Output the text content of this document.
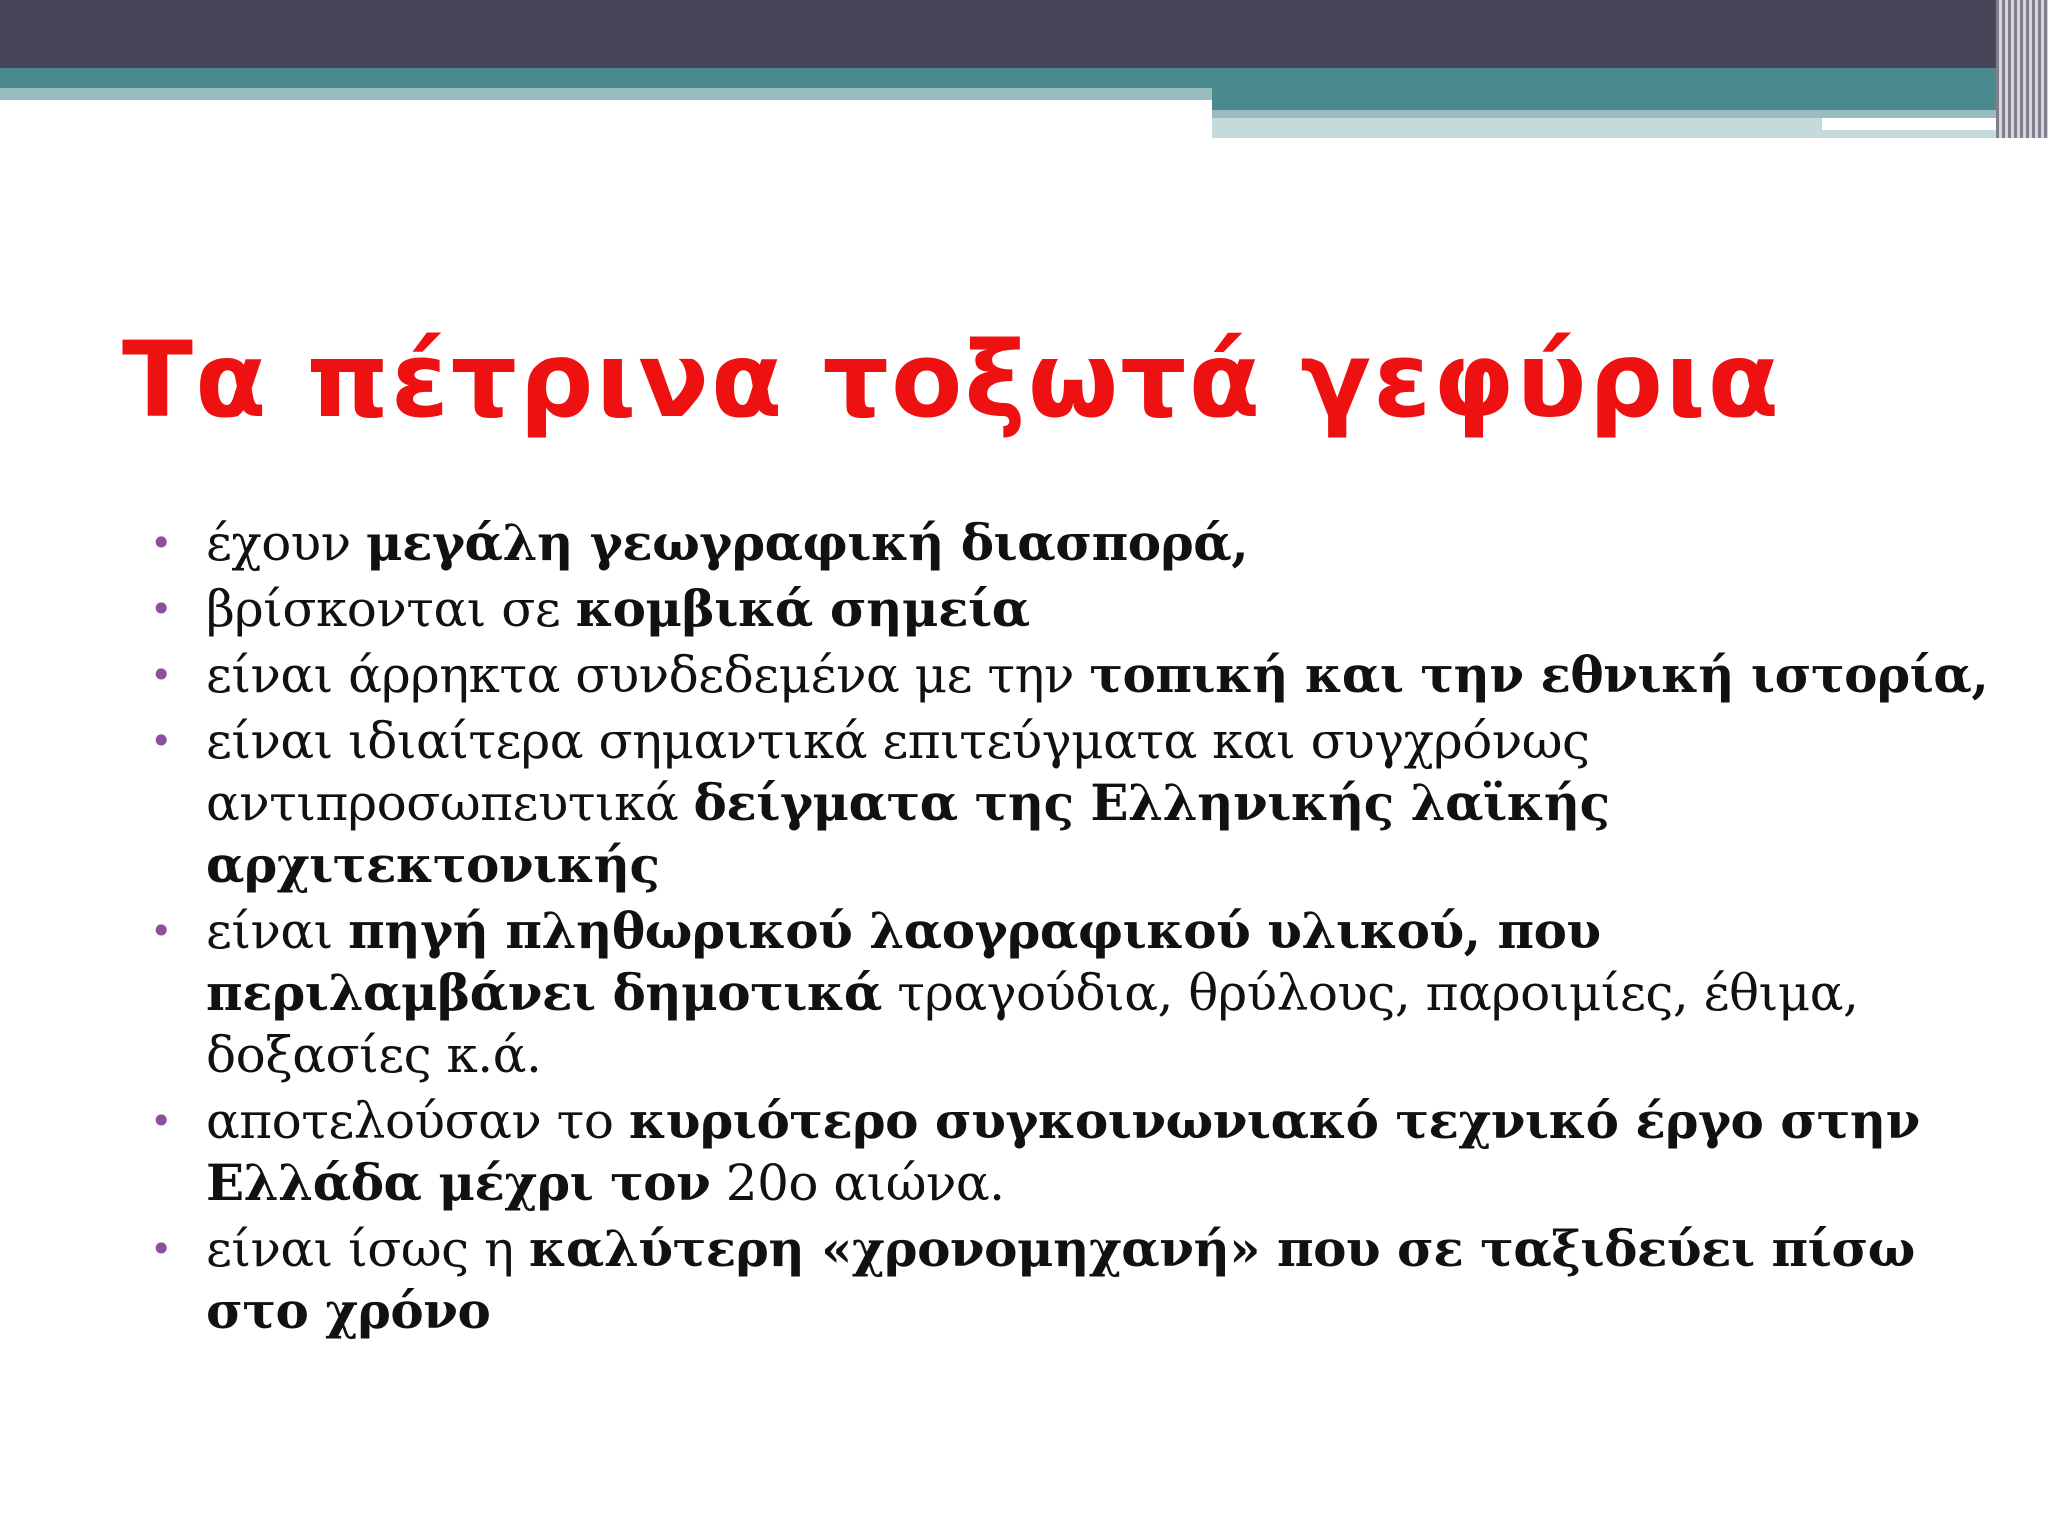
Τα πέτρινα τοξωτά γεφύρια
• έχουν μεγάλη γεωγραφική διασπορά,
• βρίσκονται σε κομβικά σημεία
• είναι άρρηκτα συνδεδεμένα με την τοπική και την εθνική ιστορία,
• είναι ιδιαίτερα σημαντικά επιτεύγματα και συγχρόνως αντιπροσωπευτικά δείγματα της Ελληνικής λαϊκής αρχιτεκτονικής
• είναι πηγή πληθωρικού λαογραφικού υλικού, που περιλαμβάνει δημοτικά τραγούδια, θρύλους, παροιμίες, έθιμα, δοξασίες κ.ά.
• αποτελούσαν το κυριότερο συγκοινωνιακό τεχνικό έργο στην Ελλάδα μέχρι τον 20ο αιώνα.
• είναι ίσως η καλύτερη «χρονομηχανή» που σε ταξιδεύει πίσω στο χρόνο
